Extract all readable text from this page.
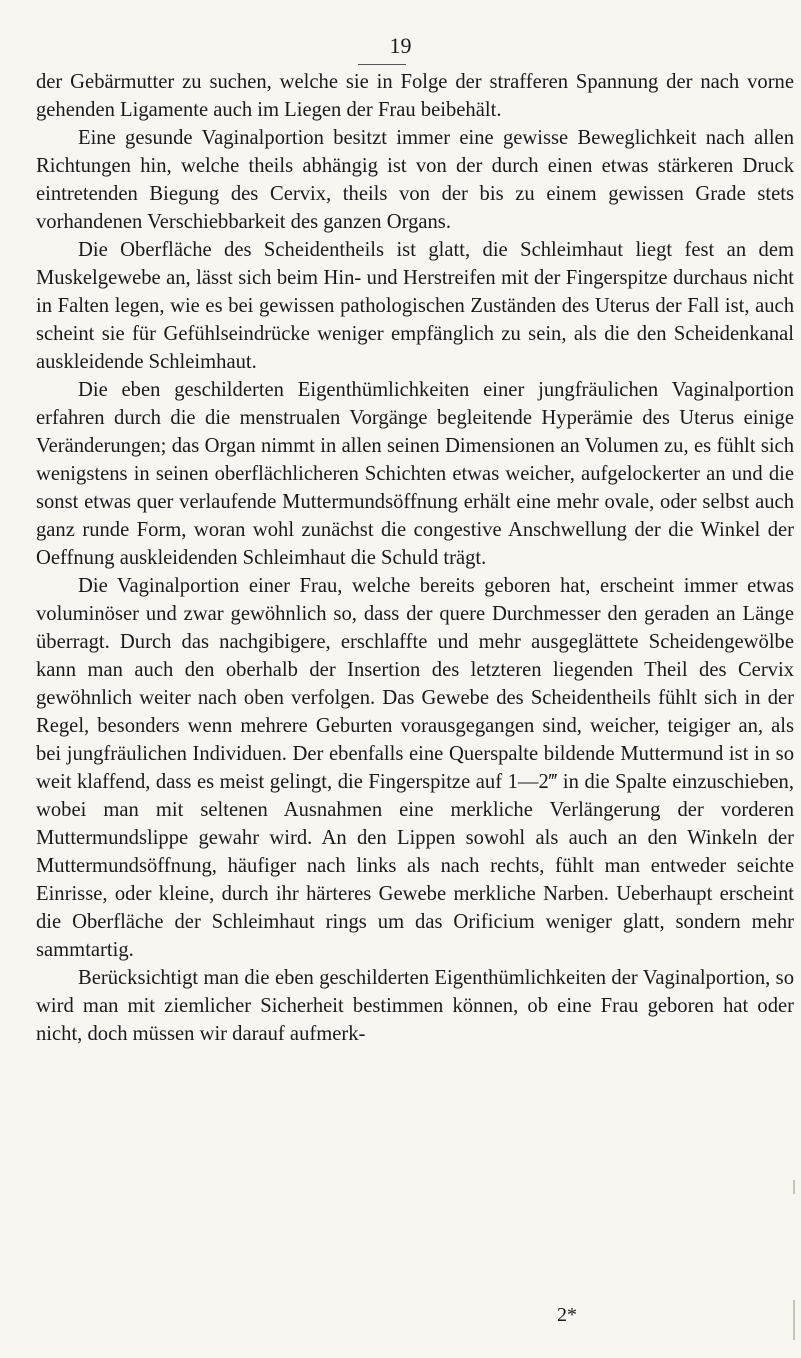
19

der Gebärmutter zu suchen, welche sie in Folge der strafferen Spannung der nach vorne gehenden Ligamente auch im Liegen der Frau beibehält.

Eine gesunde Vaginalportion besitzt immer eine gewisse Beweglichkeit nach allen Richtungen hin, welche theils abhängig ist von der durch einen etwas stärkeren Druck eintretenden Biegung des Cervix, theils von der bis zu einem gewissen Grade stets vorhandenen Verschiebbarkeit des ganzen Organs.

Die Oberfläche des Scheidentheils ist glatt, die Schleimhaut liegt fest an dem Muskelgewebe an, lässt sich beim Hin- und Herstreifen mit der Fingerspitze durchaus nicht in Falten legen, wie es bei gewissen pathologischen Zuständen des Uterus der Fall ist, auch scheint sie für Gefühlseindrücke weniger empfänglich zu sein, als die den Scheidenkanal auskleidende Schleimhaut.

Die eben geschilderten Eigenthümlichkeiten einer jungfräulichen Vaginalportion erfahren durch die die menstrualen Vorgänge begleitende Hyperämie des Uterus einige Veränderungen; das Organ nimmt in allen seinen Dimensionen an Volumen zu, es fühlt sich wenigstens in seinen oberflächlicheren Schichten etwas weicher, aufgelockerter an und die sonst etwas quer verlaufende Muttermundsöffnung erhält eine mehr ovale, oder selbst auch ganz runde Form, woran wohl zunächst die congestive Anschwellung der die Winkel der Oeffnung auskleidenden Schleimhaut die Schuld trägt.

Die Vaginalportion einer Frau, welche bereits geboren hat, erscheint immer etwas voluminöser und zwar gewöhnlich so, dass der quere Durchmesser den geraden an Länge überragt. Durch das nachgibigere, erschlaffte und mehr ausgeglättete Scheidengewölbe kann man auch den oberhalb der Insertion des letzteren liegenden Theil des Cervix gewöhnlich weiter nach oben verfolgen. Das Gewebe des Scheidentheils fühlt sich in der Regel, besonders wenn mehrere Geburten vorausgegangen sind, weicher, teigiger an, als bei jungfräulichen Individuen. Der ebenfalls eine Querspalte bildende Muttermund ist in so weit klaffend, dass es meist gelingt, die Fingerspitze auf 1—2‴ in die Spalte einzuschieben, wobei man mit seltenen Ausnahmen eine merkliche Verlängerung der vorderen Muttermundslippe gewahr wird. An den Lippen sowohl als auch an den Winkeln der Muttermundsöffnung, häufiger nach links als nach rechts, fühlt man entweder seichte Einrisse, oder kleine, durch ihr härteres Gewebe merkliche Narben. Ueberhaupt erscheint die Oberfläche der Schleimhaut rings um das Orificium weniger glatt, sondern mehr sammtartig.

Berücksichtigt man die eben geschilderten Eigenthümlichkeiten der Vaginalportion, so wird man mit ziemlicher Sicherheit bestimmen können, ob eine Frau geboren hat oder nicht, doch müssen wir darauf aufmerk-

2*
